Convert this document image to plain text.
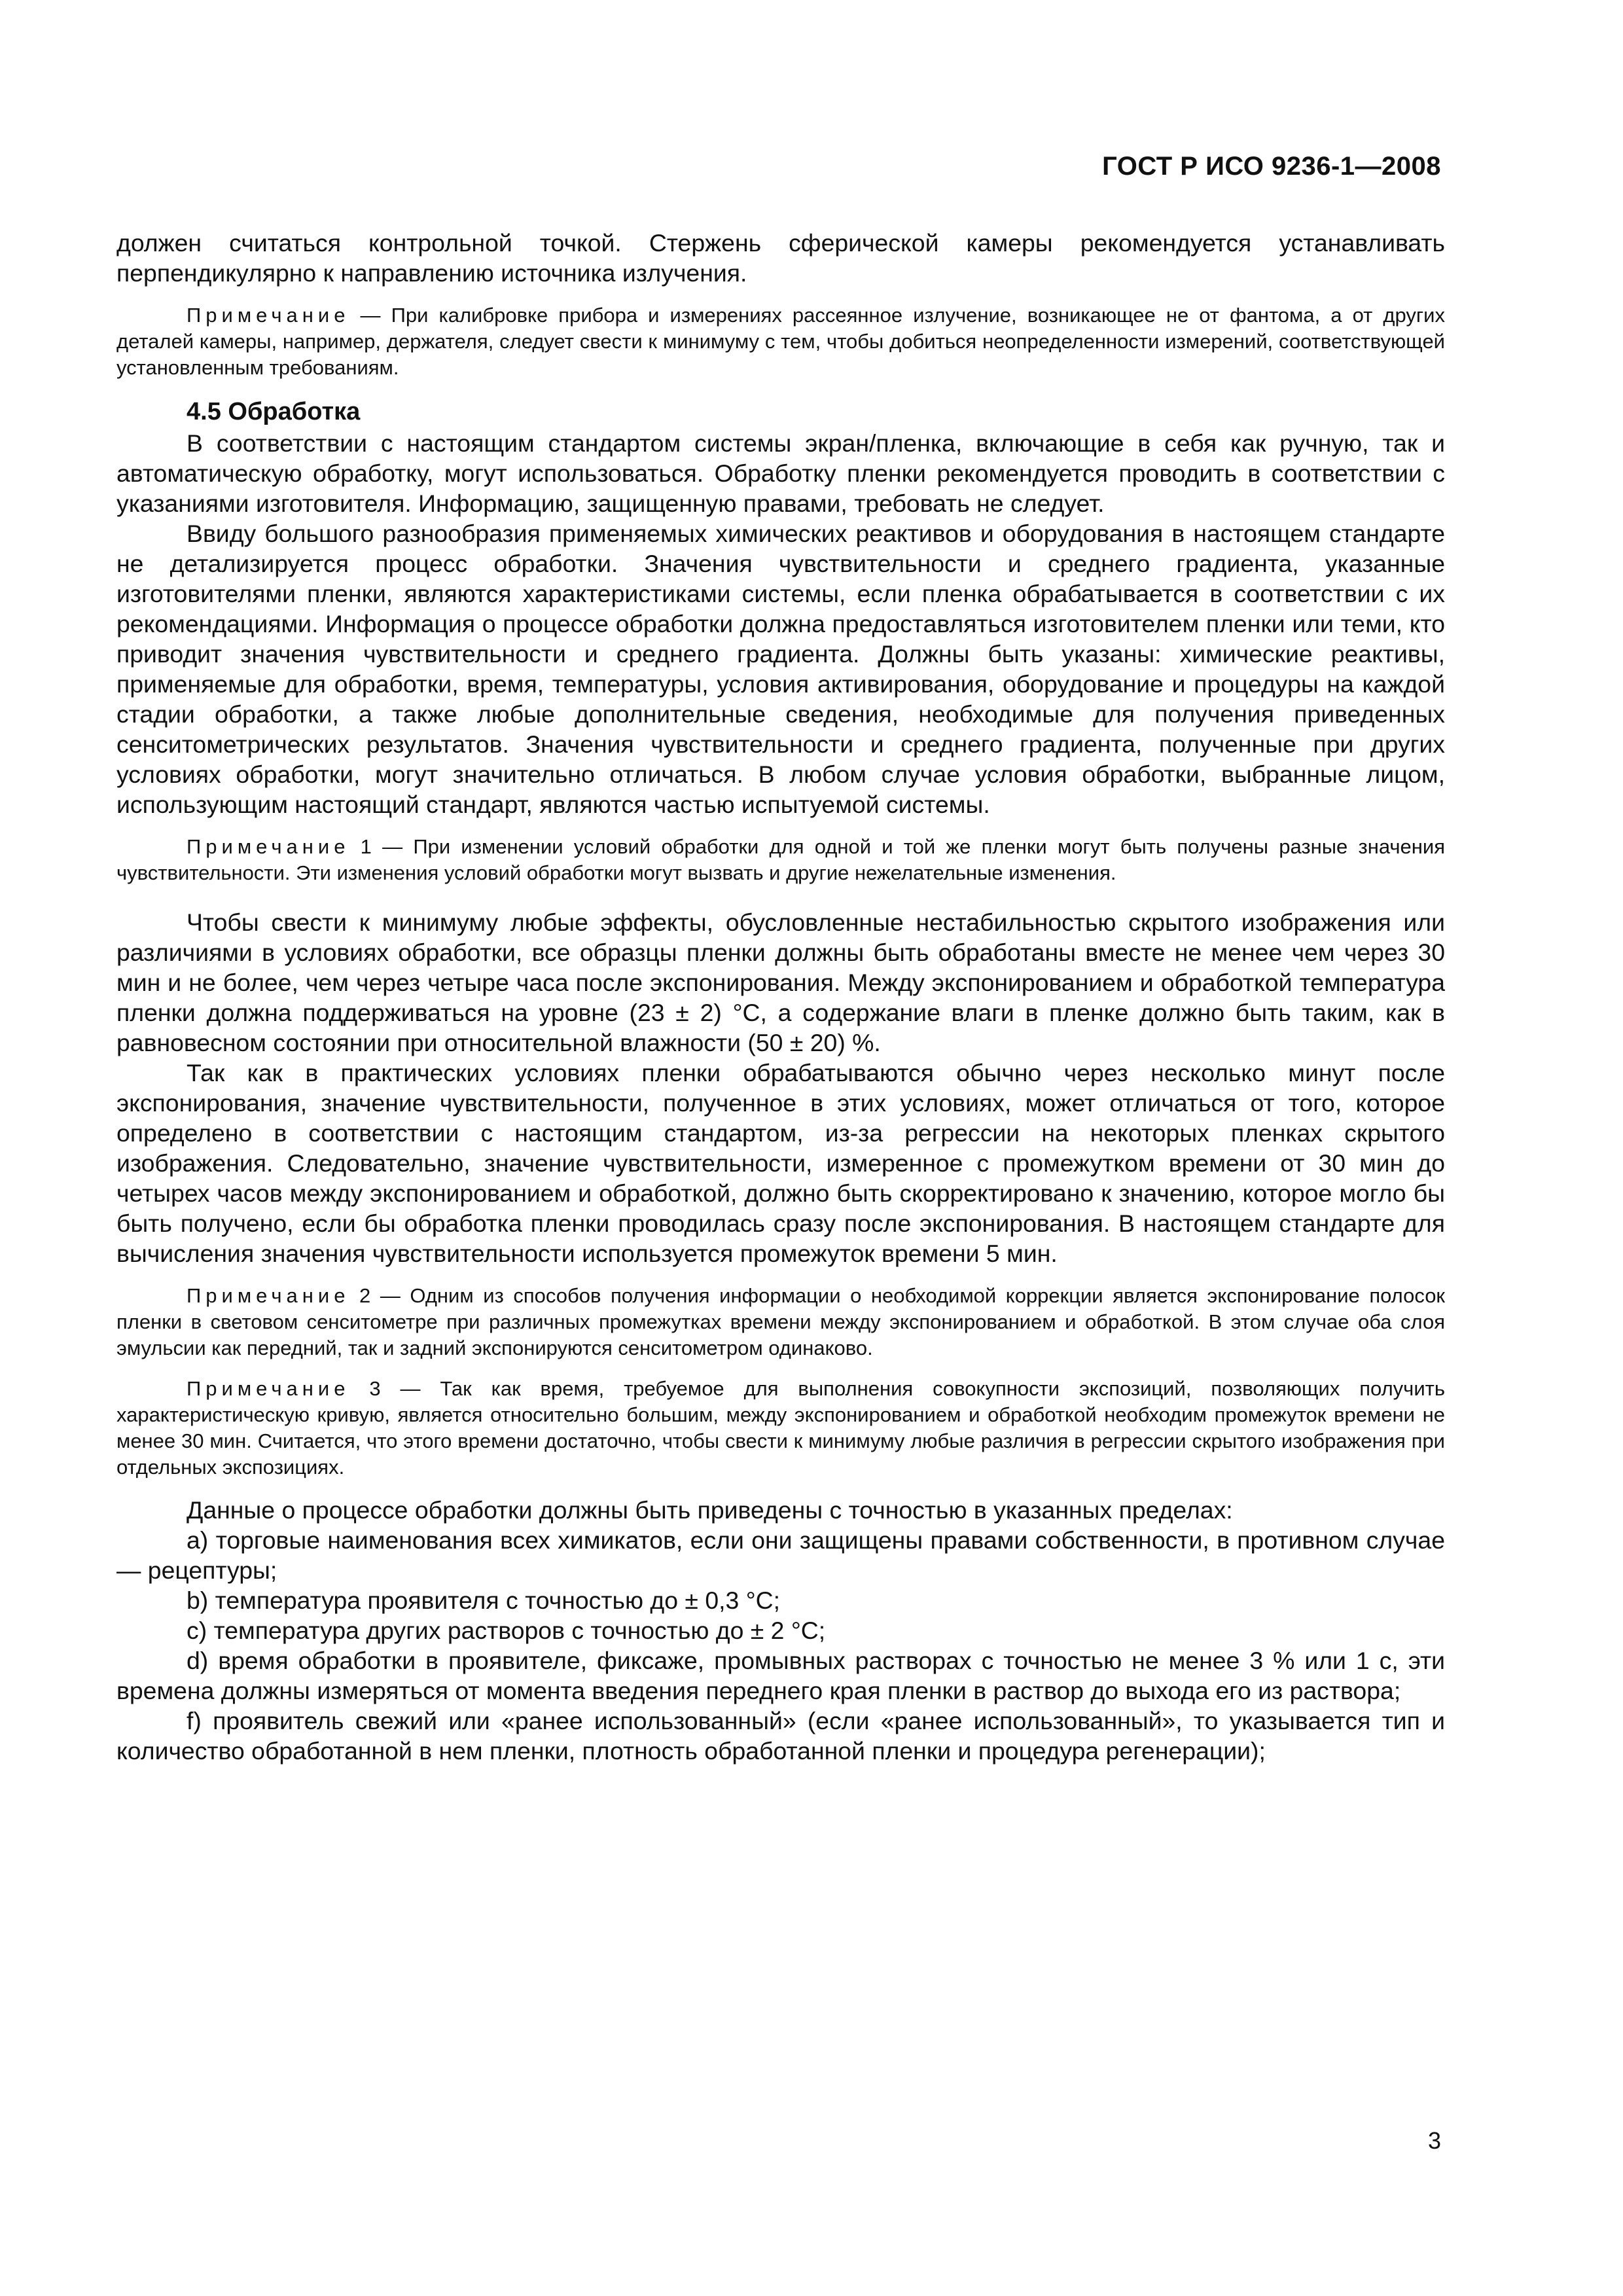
ГОСТ Р ИСО 9236-1—2008

должен считаться контрольной точкой. Стержень сферической камеры рекомендуется устанавливать перпендикулярно к направлению источника излучения.

Примечание — При калибровке прибора и измерениях рассеянное излучение, возникающее не от фантома, а от других деталей камеры, например, держателя, следует свести к минимуму с тем, чтобы добиться неопределенности измерений, соответствующей установленным требованиям.

4.5 Обработка

В соответствии с настоящим стандартом системы экран/пленка, включающие в себя как ручную, так и автоматическую обработку, могут использоваться. Обработку пленки рекомендуется проводить в соответствии с указаниями изготовителя. Информацию, защищенную правами, требовать не следует.

Ввиду большого разнообразия применяемых химических реактивов и оборудования в настоящем стандарте не детализируется процесс обработки. Значения чувствительности и среднего градиента, указанные изготовителями пленки, являются характеристиками системы, если пленка обрабатывается в соответствии с их рекомендациями. Информация о процессе обработки должна предоставляться изготовителем пленки или теми, кто приводит значения чувствительности и среднего градиента. Должны быть указаны: химические реактивы, применяемые для обработки, время, температуры, условия активирования, оборудование и процедуры на каждой стадии обработки, а также любые дополнительные сведения, необходимые для получения приведенных сенситометрических результатов. Значения чувствительности и среднего градиента, полученные при других условиях обработки, могут значительно отличаться. В любом случае условия обработки, выбранные лицом, использующим настоящий стандарт, являются частью испытуемой системы.

Примечание 1 — При изменении условий обработки для одной и той же пленки могут быть получены разные значения чувствительности. Эти изменения условий обработки могут вызвать и другие нежелательные изменения.

Чтобы свести к минимуму любые эффекты, обусловленные нестабильностью скрытого изображения или различиями в условиях обработки, все образцы пленки должны быть обработаны вместе не менее чем через 30 мин и не более, чем через четыре часа после экспонирования. Между экспонированием и обработкой температура пленки должна поддерживаться на уровне (23 ± 2) °С, а содержание влаги в пленке должно быть таким, как в равновесном состоянии при относительной влажности (50 ± 20) %.

Так как в практических условиях пленки обрабатываются обычно через несколько минут после экспонирования, значение чувствительности, полученное в этих условиях, может отличаться от того, которое определено в соответствии с настоящим стандартом, из-за регрессии на некоторых пленках скрытого изображения. Следовательно, значение чувствительности, измеренное с промежутком времени от 30 мин до четырех часов между экспонированием и обработкой, должно быть скорректировано к значению, которое могло бы быть получено, если бы обработка пленки проводилась сразу после экспонирования. В настоящем стандарте для вычисления значения чувствительности используется промежуток времени 5 мин.

Примечание 2 — Одним из способов получения информации о необходимой коррекции является экспонирование полосок пленки в световом сенситометре при различных промежутках времени между экспонированием и обработкой. В этом случае оба слоя эмульсии как передний, так и задний экспонируются сенситометром одинаково.

Примечание 3 — Так как время, требуемое для выполнения совокупности экспозиций, позволяющих получить характеристическую кривую, является относительно большим, между экспонированием и обработкой необходим промежуток времени не менее 30 мин. Считается, что этого времени достаточно, чтобы свести к минимуму любые различия в регрессии скрытого изображения при отдельных экспозициях.

Данные о процессе обработки должны быть приведены с точностью в указанных пределах:

а) торговые наименования всех химикатов, если они защищены правами собственности, в противном случае — рецептуры;

b) температура проявителя с точностью до ± 0,3 °С;

с) температура других растворов с точностью до ± 2 °С;

d) время обработки в проявителе, фиксаже, промывных растворах с точностью не менее 3 % или 1 с, эти времена должны измеряться от момента введения переднего края пленки в раствор до выхода его из раствора;

f) проявитель свежий или «ранее использованный» (если «ранее использованный», то указывается тип и количество обработанной в нем пленки, плотность обработанной пленки и процедура регенерации);

3
